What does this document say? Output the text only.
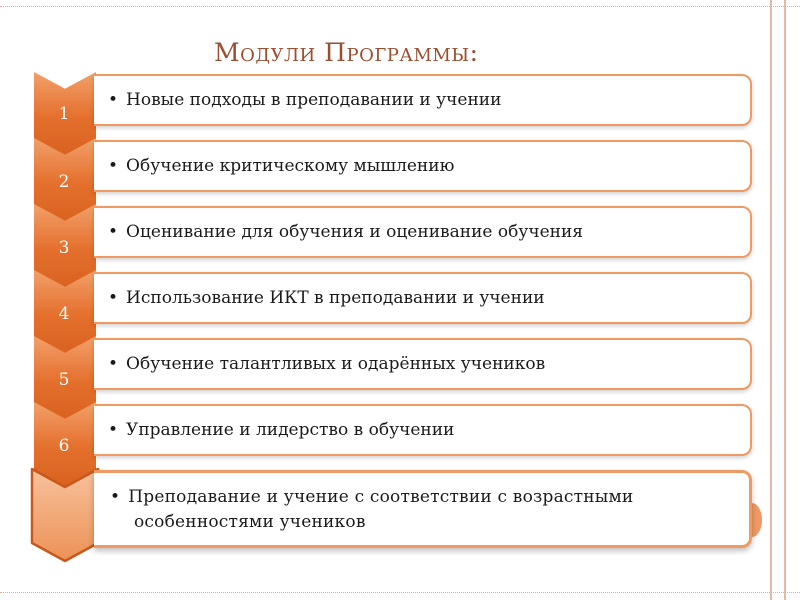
Модули Программы:
1
• Новые подходы в преподавании и учении
2
• Обучение критическому мышлению
3
• Оценивание для обучения и оценивание обучения
4
• Использование ИКТ в преподавании и учении
5
• Обучение талантливых и одарённых учеников
6
• Управление и лидерство в обучении
• Преподавание и учение с соответствии с возрастными особенностями учеников
